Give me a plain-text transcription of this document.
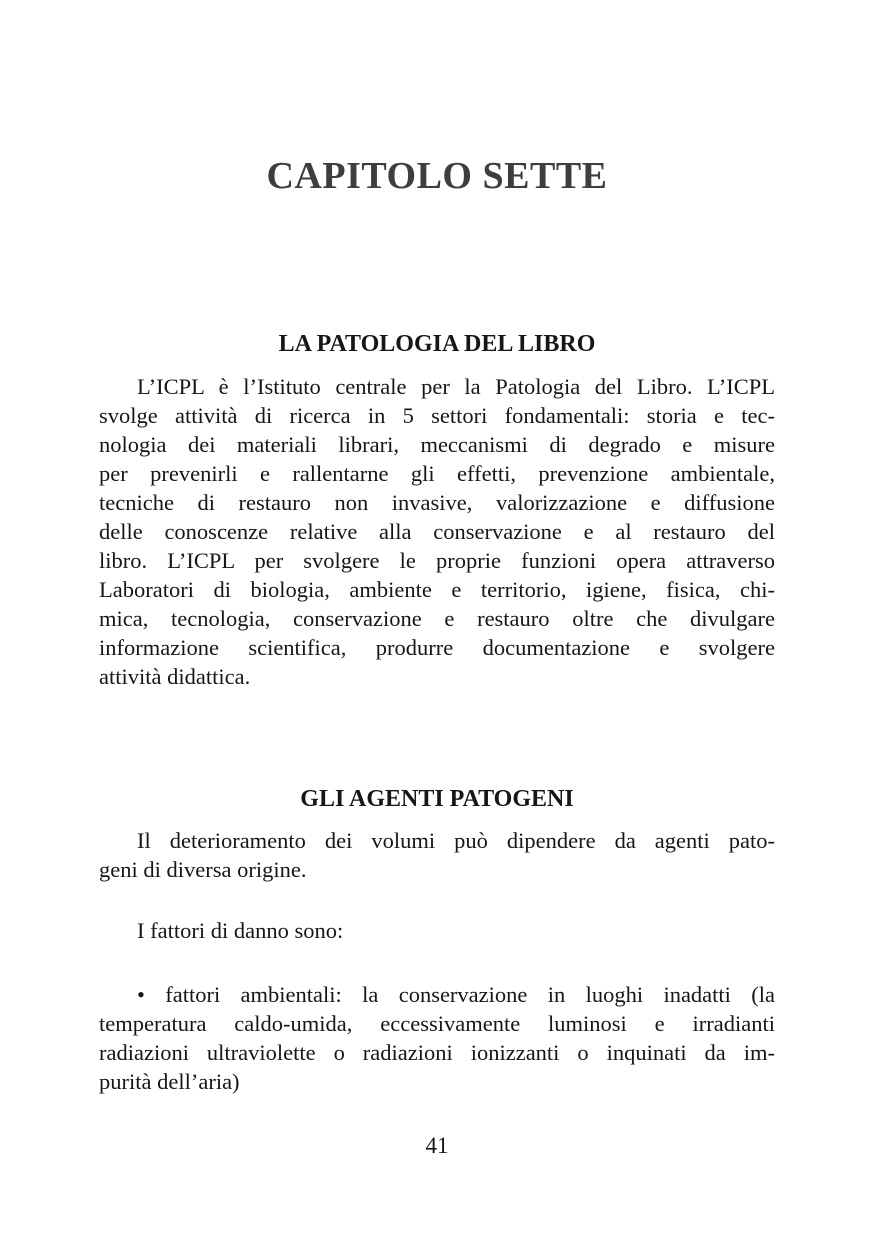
CAPITOLO SETTE
LA PATOLOGIA DEL LIBRO
L’ICPL è l’Istituto centrale per la Patologia del Libro. L’ICPL
svolge attività di ricerca in 5 settori fondamentali: storia e tec-
nologia dei materiali librari, meccanismi di degrado e misure
per prevenirli e rallentarne gli effetti, prevenzione ambientale,
tecniche di restauro non invasive, valorizzazione e diffusione
delle conoscenze relative alla conservazione e al restauro del
libro. L’ICPL per svolgere le proprie funzioni opera attraverso
Laboratori di biologia, ambiente e territorio, igiene, fisica, chi-
mica, tecnologia, conservazione e restauro oltre che divulgare
informazione scientifica, produrre documentazione e svolgere
attività didattica.
GLI AGENTI PATOGENI
Il deterioramento dei volumi può dipendere da agenti pato-
geni di diversa origine.
I fattori di danno sono:
• fattori ambientali: la conservazione in luoghi inadatti (la
temperatura caldo-umida, eccessivamente luminosi e irradianti
radiazioni ultraviolette o radiazioni ionizzanti o inquinati da im-
purità dell’aria)
41
